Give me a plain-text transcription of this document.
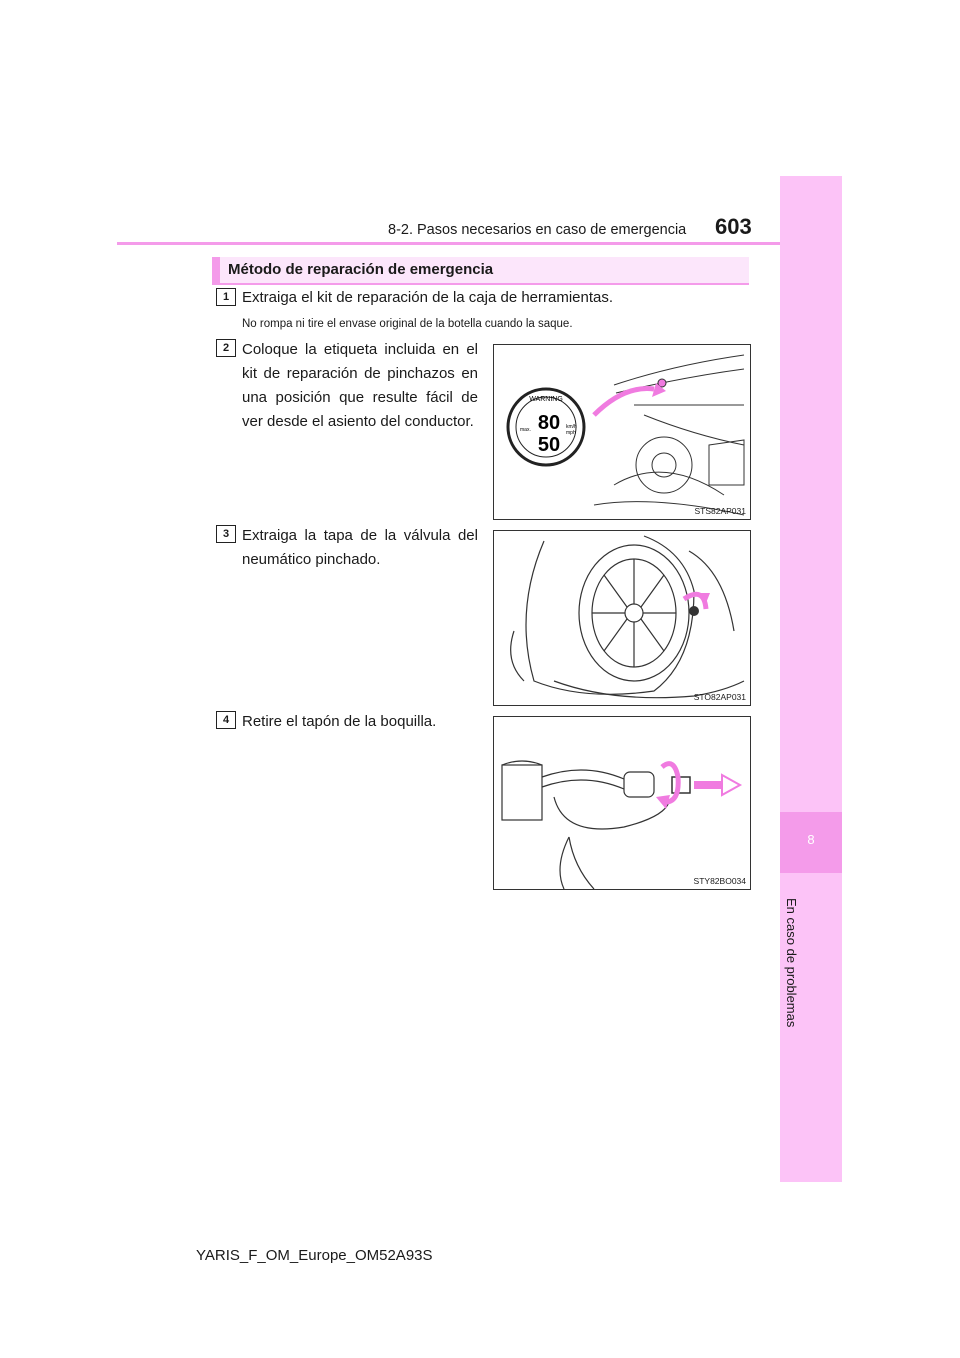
8-2. Pasos necesarios en caso de emergencia 603
8
En caso de problemas
Método de reparación de emergencia
1 Extraiga el kit de reparación de la caja de herramientas.
No rompa ni tire el envase original de la botella cuando la saque.
2 Coloque la etiqueta incluida en el kit de reparación de pinchazos en una posición que resulte fácil de ver desde el asiento del conductor.
WARNING
80
50
km/h
mph
max.
STS82AP031
3 Extraiga la tapa de la válvula del neumático pinchado.
STO82AP031
4 Retire el tapón de la boquilla.
STY82BO034
YARIS_F_OM_Europe_OM52A93S
